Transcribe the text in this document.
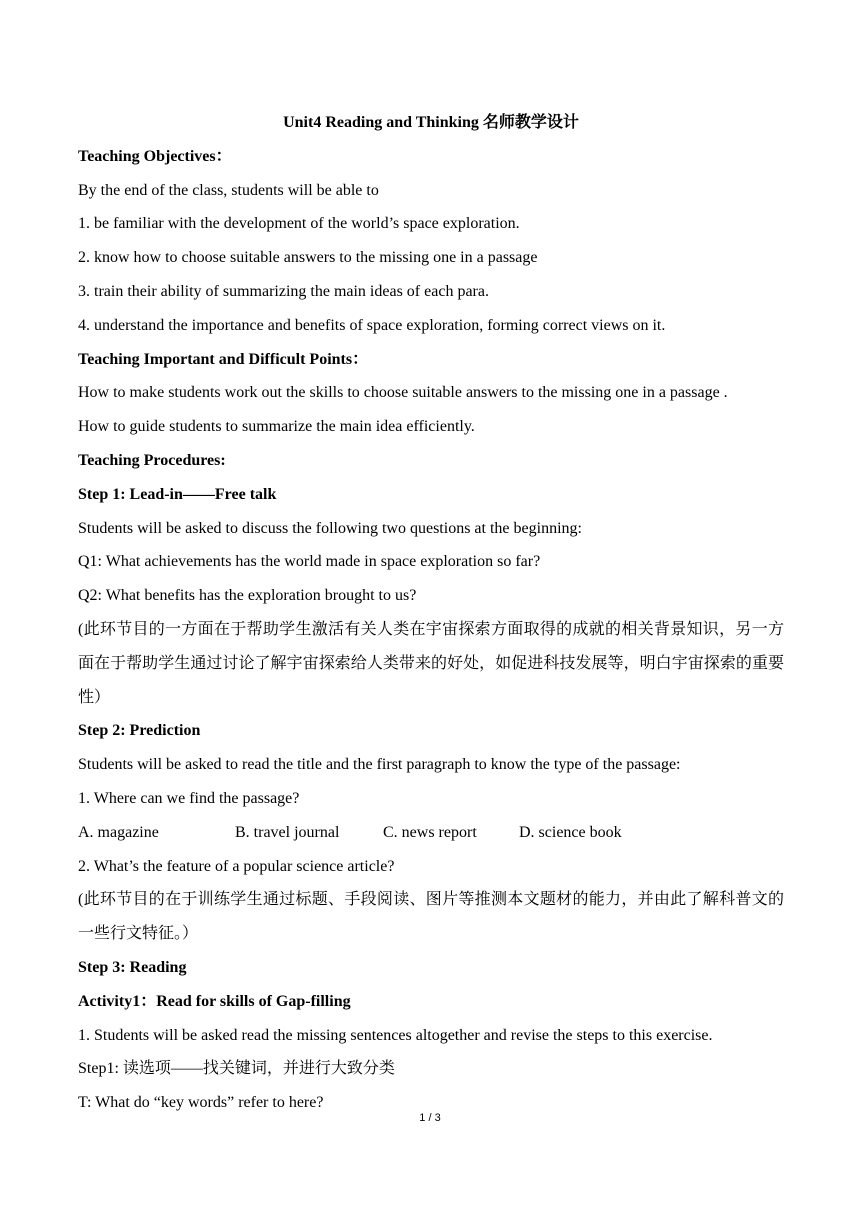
Unit4 Reading and Thinking 名师教学设计
Teaching Objectives：
By the end of the class, students will be able to
1. be familiar with the development of the world’s space exploration.
2. know how to choose suitable answers to the missing one in a passage
3. train their ability of summarizing the main ideas of each para.
4. understand the importance and benefits of space exploration, forming correct views on it.
Teaching Important and Difficult Points：
How to make students work out the skills to choose suitable answers to the missing one in a passage .
How to guide students to summarize the main idea efficiently.
Teaching Procedures:
Step 1: Lead-in——Free talk
Students will be asked to discuss the following two questions at the beginning:
Q1: What achievements has the world made in space exploration so far?
Q2: What benefits has the exploration brought to us?
(此环节目的一方面在于帮助学生激活有关人类在宇宙探索方面取得的成就的相关背景知识，另一方面在于帮助学生通过讨论了解宇宙探索给人类带来的好处，如促进科技发展等，明白宇宙探索的重要性）
Step 2: Prediction
Students will be asked to read the title and the first paragraph to know the type of the passage:
1. Where can we find the passage?
A. magazine	B. travel journal	C. news report	D. science book
2. What’s the feature of a popular science article?
(此环节目的在于训练学生通过标题、手段阅读、图片等推测本文题材的能力，并由此了解科普文的一些行文特征。）
Step 3: Reading
Activity1：Read for skills of Gap-filling
1. Students will be asked read the missing sentences altogether and revise the steps to this exercise.
Step1: 读选项——找关键词，并进行大致分类
T: What do “key words” refer to here?
1 / 3
